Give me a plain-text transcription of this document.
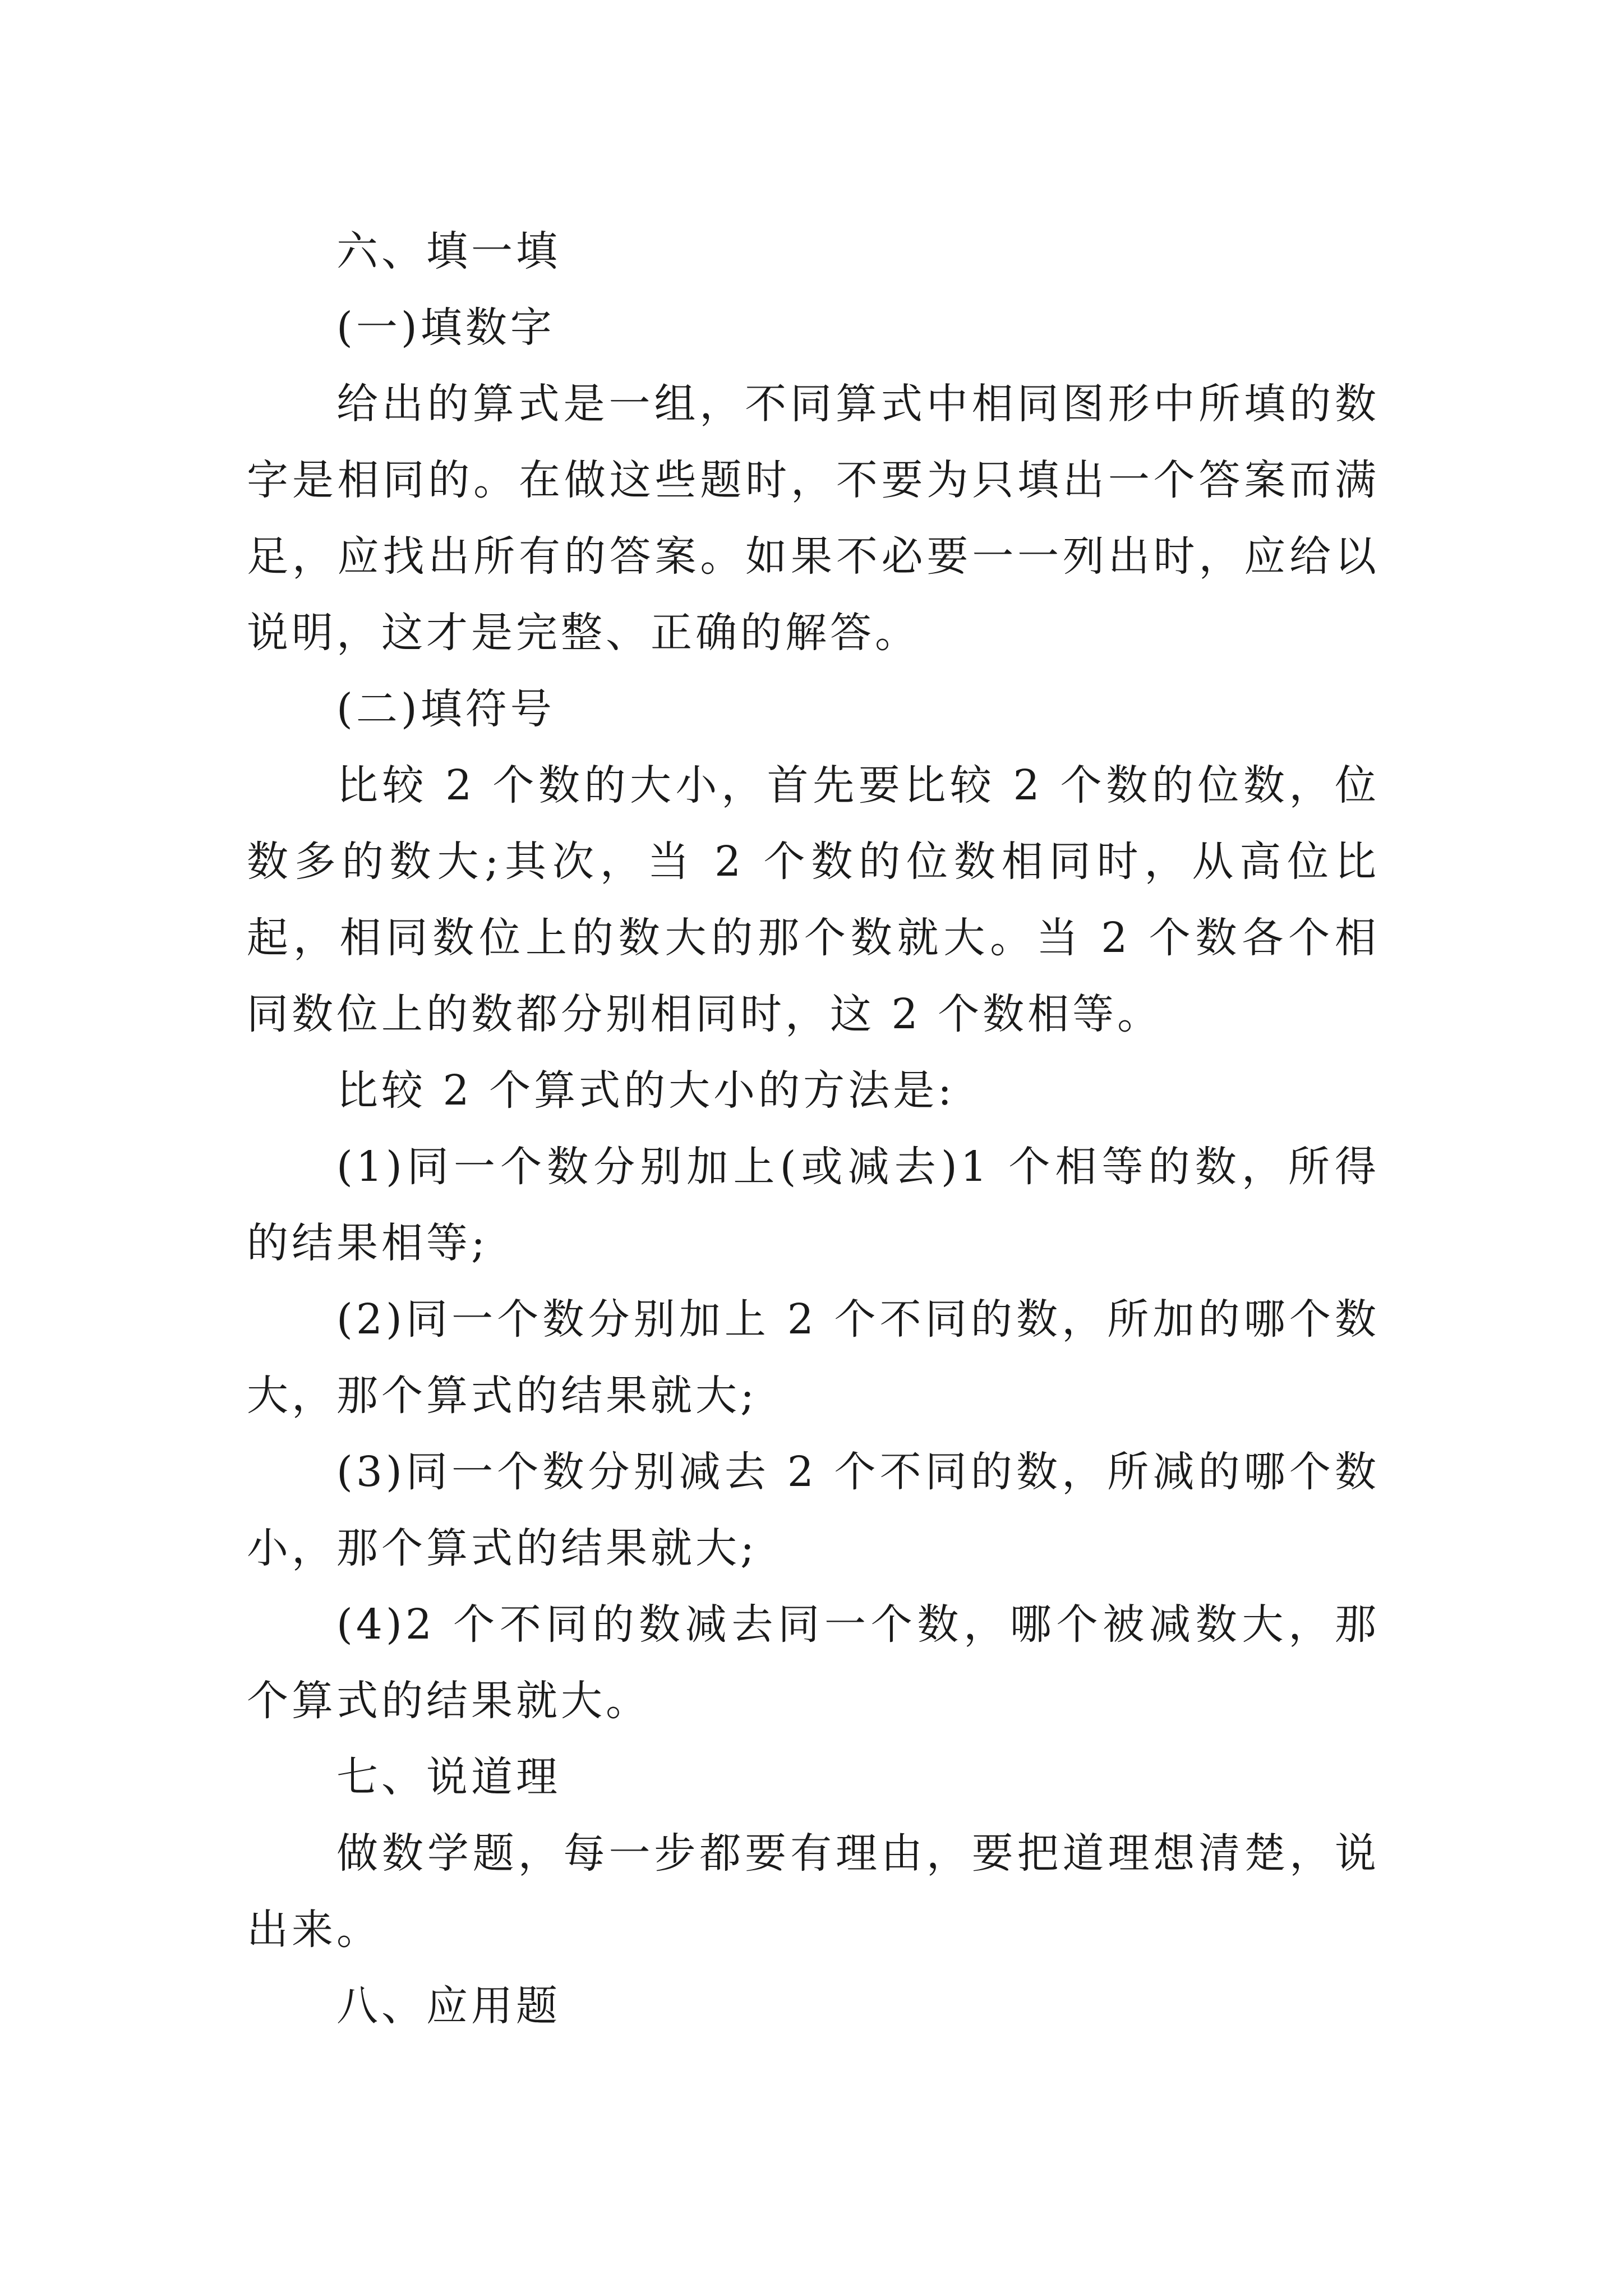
六、填一填

(一)填数字

给出的算式是一组，不同算式中相同图形中所填的数字是相同的。在做这些题时，不要为只填出一个答案而满足，应找出所有的答案。如果不必要一一列出时，应给以说明，这才是完整、正确的解答。

(二)填符号

比较 2 个数的大小，首先要比较 2 个数的位数，位数多的数大;其次，当 2 个数的位数相同时，从高位比起，相同数位上的数大的那个数就大。当 2 个数各个相同数位上的数都分别相同时，这 2 个数相等。

比较 2 个算式的大小的方法是:

(1)同一个数分别加上(或减去)1 个相等的数，所得的结果相等;

(2)同一个数分别加上 2 个不同的数，所加的哪个数大，那个算式的结果就大;

(3)同一个数分别减去 2 个不同的数，所减的哪个数小，那个算式的结果就大;

(4)2 个不同的数减去同一个数，哪个被减数大，那个算式的结果就大。

七、说道理

做数学题，每一步都要有理由，要把道理想清楚，说出来。

八、应用题
